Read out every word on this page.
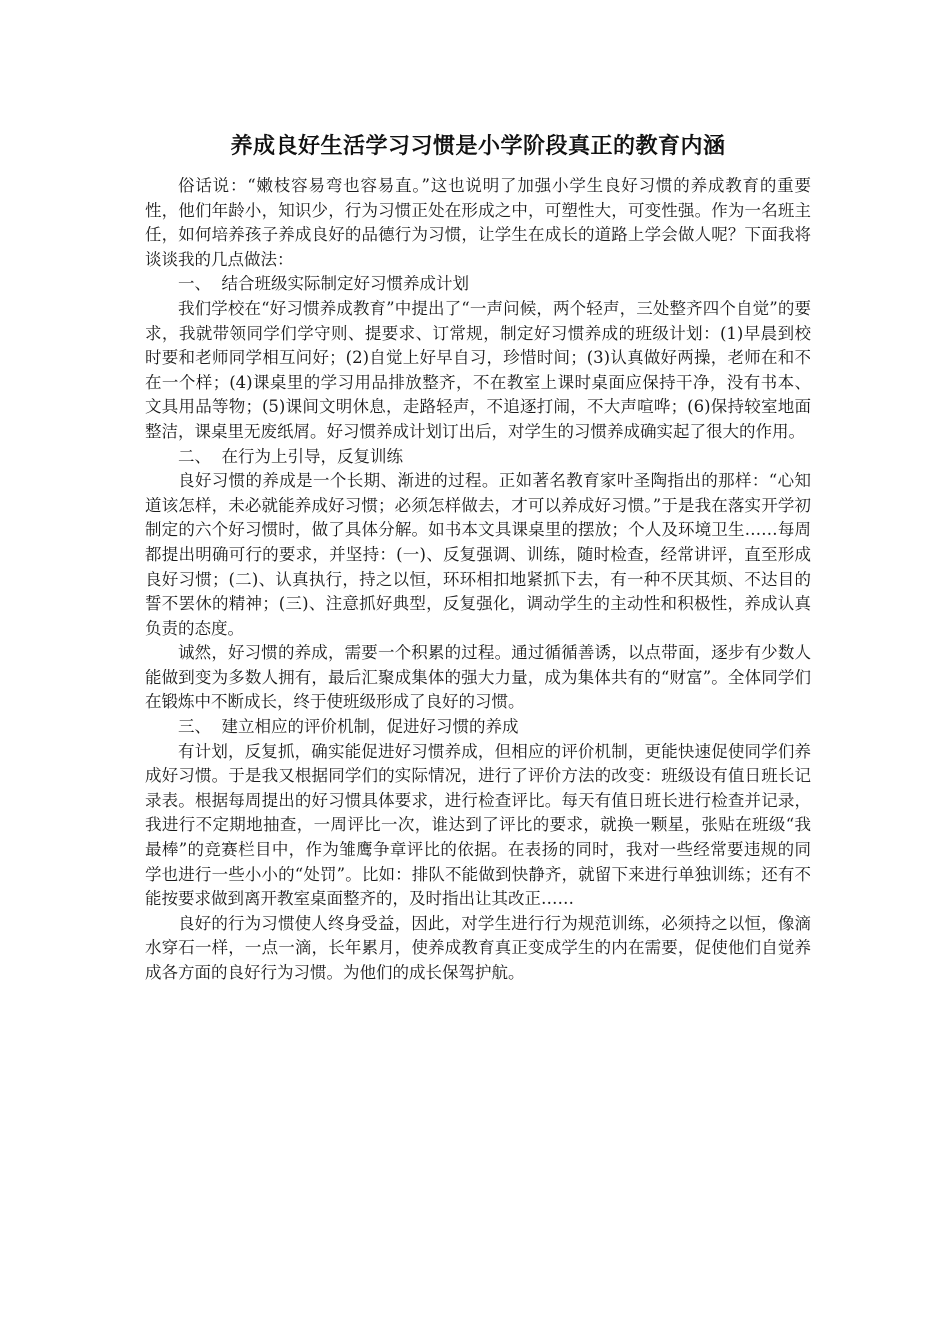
养成良好生活学习习惯是小学阶段真正的教育内涵

俗话说：“嫩枝容易弯也容易直。”这也说明了加强小学生良好习惯的养成教育的重要性，他们年龄小，知识少，行为习惯正处在形成之中，可塑性大，可变性强。作为一名班主任，如何培养孩子养成良好的品德行为习惯，让学生在成长的道路上学会做人呢？下面我将谈谈我的几点做法：

一、  结合班级实际制定好习惯养成计划

我们学校在“好习惯养成教育”中提出了“一声问候，两个轻声，三处整齐四个自觉”的要求，我就带领同学们学守则、提要求、订常规，制定好习惯养成的班级计划：(1)早晨到校时要和老师同学相互问好；(2)自觉上好早自习，珍惜时间；(3)认真做好两操，老师在和不在一个样；(4)课桌里的学习用品排放整齐，不在教室上课时桌面应保持干净，没有书本、文具用品等物；(5)课间文明休息，走路轻声，不追逐打闹，不大声喧哗；(6)保持较室地面整洁，课桌里无废纸屑。好习惯养成计划订出后，对学生的习惯养成确实起了很大的作用。

二、  在行为上引导，反复训练

良好习惯的养成是一个长期、渐进的过程。正如著名教育家叶圣陶指出的那样：“心知道该怎样，未必就能养成好习惯；必须怎样做去，才可以养成好习惯。”于是我在落实开学初制定的六个好习惯时，做了具体分解。如书本文具课桌里的摆放；个人及环境卫生……每周都提出明确可行的要求，并坚持：(一)、反复强调、训练，随时检查，经常讲评，直至形成良好习惯；(二)、认真执行，持之以恒，环环相扣地紧抓下去，有一种不厌其烦、不达目的誓不罢休的精神；(三)、注意抓好典型，反复强化，调动学生的主动性和积极性，养成认真负责的态度。

诚然，好习惯的养成，需要一个积累的过程。通过循循善诱，以点带面，逐步有少数人能做到变为多数人拥有，最后汇聚成集体的强大力量，成为集体共有的“财富”。全体同学们在锻炼中不断成长，终于使班级形成了良好的习惯。

三、  建立相应的评价机制，促进好习惯的养成

有计划，反复抓，确实能促进好习惯养成，但相应的评价机制，更能快速促使同学们养成好习惯。于是我又根据同学们的实际情况，进行了评价方法的改变：班级设有值日班长记录表。根据每周提出的好习惯具体要求，进行检查评比。每天有值日班长进行检查并记录，我进行不定期地抽查，一周评比一次，谁达到了评比的要求，就换一颗星，张贴在班级“我最棒”的竞赛栏目中，作为雏鹰争章评比的依据。在表扬的同时，我对一些经常要违规的同学也进行一些小小的“处罚”。比如：排队不能做到快静齐，就留下来进行单独训练；还有不能按要求做到离开教室桌面整齐的，及时指出让其改正……

良好的行为习惯使人终身受益，因此，对学生进行行为规范训练，必须持之以恒，像滴水穿石一样，一点一滴，长年累月，使养成教育真正变成学生的内在需要，促使他们自觉养成各方面的良好行为习惯。为他们的成长保驾护航。
